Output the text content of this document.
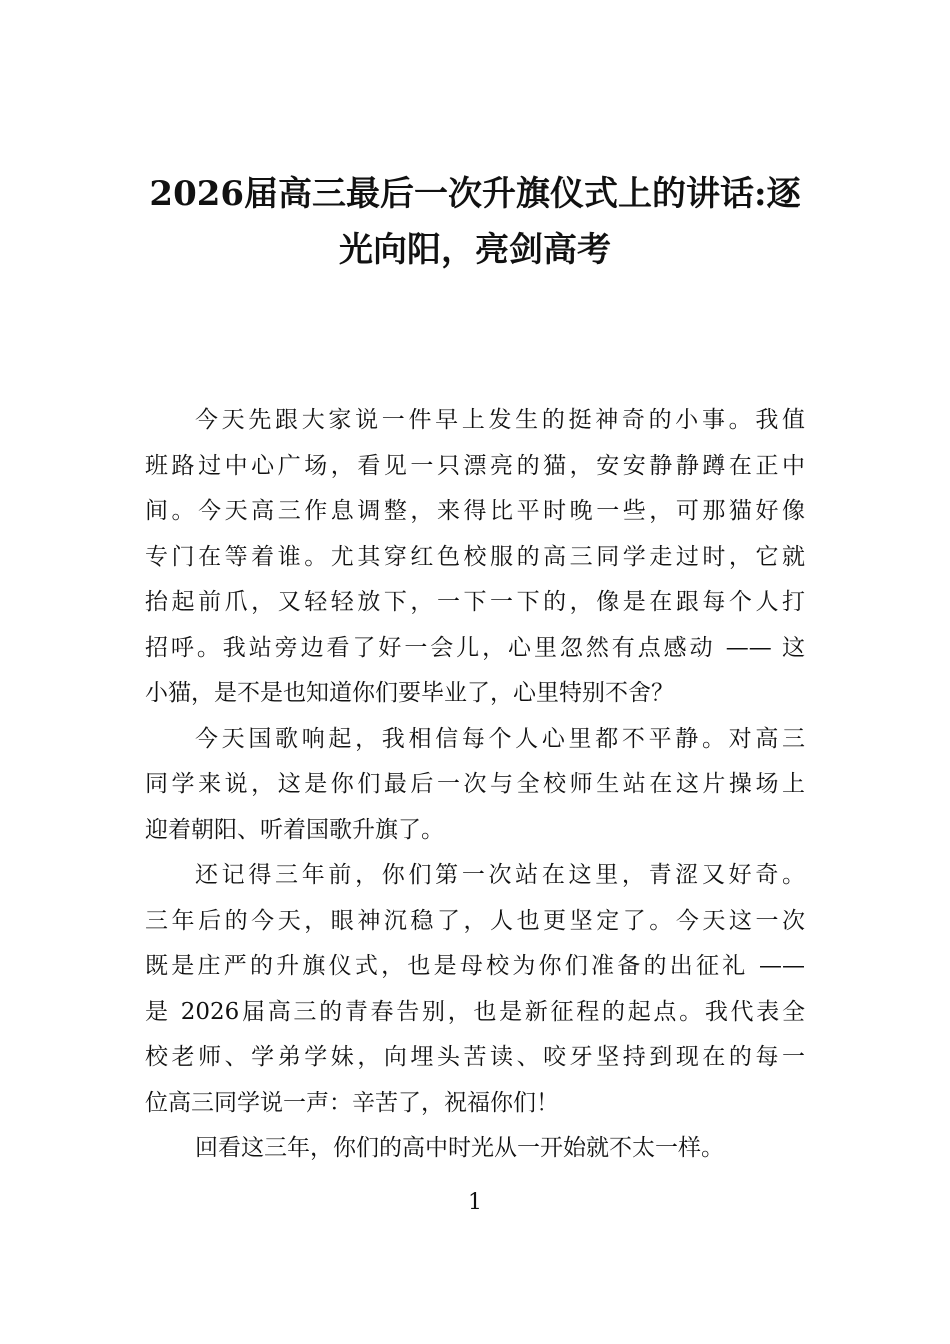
2026届高三最后一次升旗仪式上的讲话:逐
光向阳，亮剑高考
今天先跟大家说一件早上发生的挺神奇的小事。我值
班路过中心广场，看见一只漂亮的猫，安安静静蹲在正中
间。今天高三作息调整，来得比平时晚一些，可那猫好像
专门在等着谁。尤其穿红色校服的高三同学走过时，它就
抬起前爪，又轻轻放下，一下一下的，像是在跟每个人打
招呼。我站旁边看了好一会儿，心里忽然有点感动 —— 这
小猫，是不是也知道你们要毕业了，心里特别不舍？
今天国歌响起，我相信每个人心里都不平静。对高三
同学来说，这是你们最后一次与全校师生站在这片操场上
迎着朝阳、听着国歌升旗了。
还记得三年前，你们第一次站在这里，青涩又好奇。
三年后的今天，眼神沉稳了，人也更坚定了。今天这一次
既是庄严的升旗仪式，也是母校为你们准备的出征礼 ——
是 2026届高三的青春告别，也是新征程的起点。我代表全
校老师、学弟学妹，向埋头苦读、咬牙坚持到现在的每一
位高三同学说一声：辛苦了，祝福你们！
回看这三年，你们的高中时光从一开始就不太一样。
1
